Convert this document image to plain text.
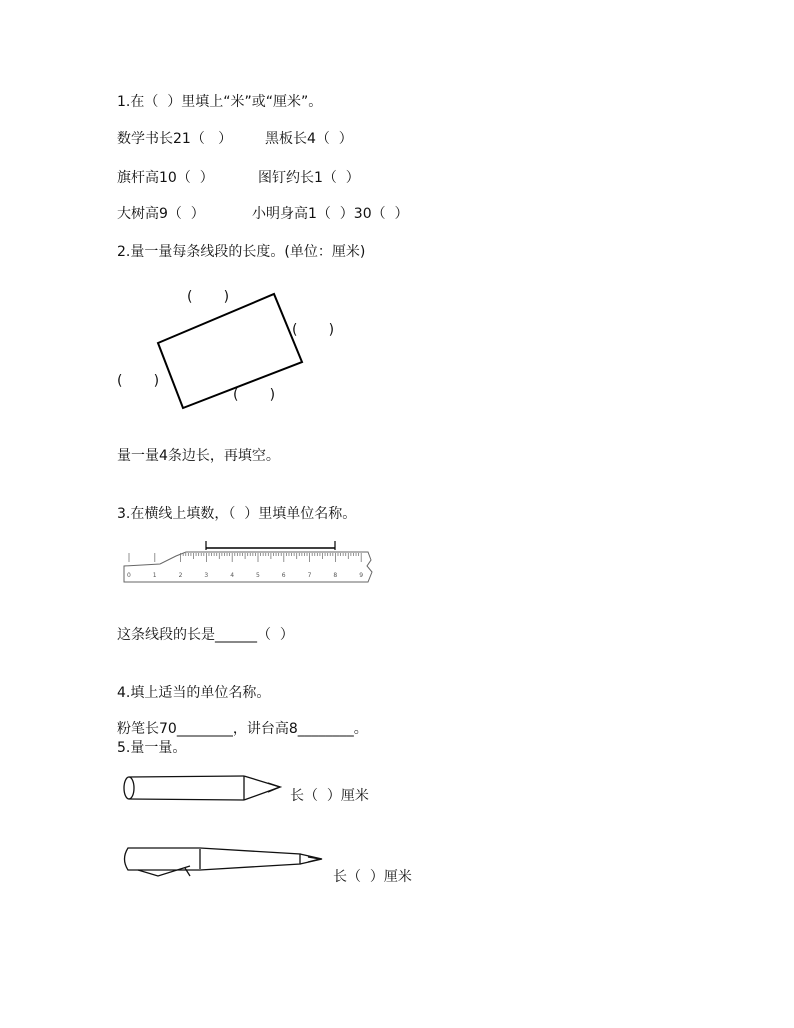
1.在（  ）里填上“米”或“厘米”。
数学书长21（   ） 黑板长4（  ）
旗杆高10（  ）	图钉约长1（  ）
大树高9（  ）	小明身高1（  ）30（  ）
2.量一量每条线段的长度。(单位：厘米)
(       )
(       )
(       )
(       )
量一量4条边长，再填空。
3.在横线上填数，（  ）里填单位名称。
0	1	2	3	4	5	6	7	8	9
这条线段的长是______（  ）
4.填上适当的单位名称。
粉笔长70________，讲台高8________。
5.量一量。
长（  ）厘米
长（  ）厘米
